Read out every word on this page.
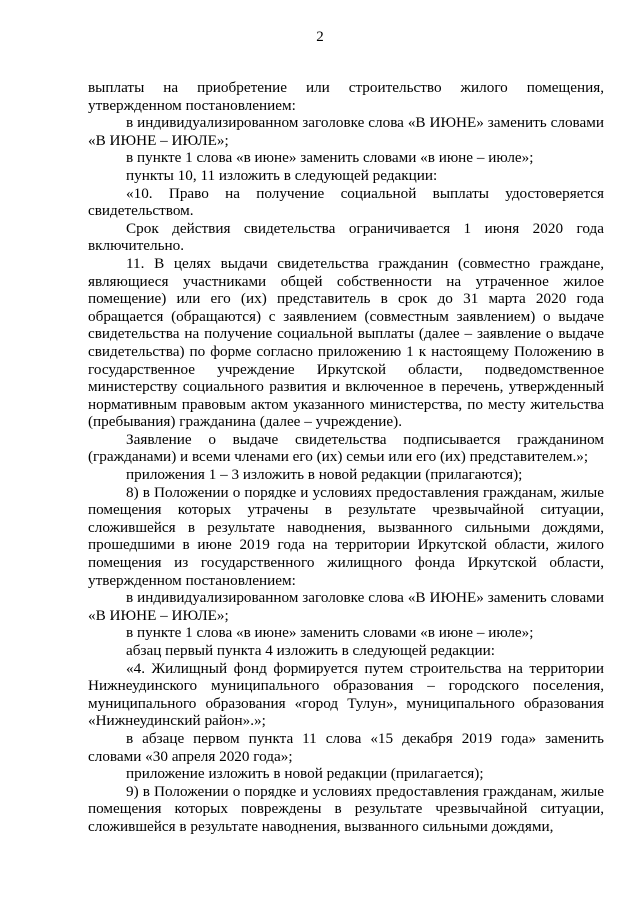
2

выплаты на приобретение или строительство жилого помещения, утвержденном постановлением:

в индивидуализированном заголовке слова «В ИЮНЕ» заменить словами «В ИЮНЕ – ИЮЛЕ»;

в пункте 1 слова «в июне» заменить словами «в июне – июле»;

пункты 10, 11 изложить в следующей редакции:

«10. Право на получение социальной выплаты удостоверяется свидетельством.

Срок действия свидетельства ограничивается 1 июня 2020 года включительно.

11. В целях выдачи свидетельства гражданин (совместно граждане, являющиеся участниками общей собственности на утраченное жилое помещение) или его (их) представитель в срок до 31 марта 2020 года обращается (обращаются) с заявлением (совместным заявлением) о выдаче свидетельства на получение социальной выплаты (далее – заявление о выдаче свидетельства) по форме согласно приложению 1 к настоящему Положению в государственное учреждение Иркутской области, подведомственное министерству социального развития и включенное в перечень, утвержденный нормативным правовым актом указанного министерства, по месту жительства (пребывания) гражданина (далее – учреждение).

Заявление о выдаче свидетельства подписывается гражданином (гражданами) и всеми членами его (их) семьи или его (их) представителем.»;

приложения 1 – 3 изложить в новой редакции (прилагаются);

8) в Положении о порядке и условиях предоставления гражданам, жилые помещения которых утрачены в результате чрезвычайной ситуации, сложившейся в результате наводнения, вызванного сильными дождями, прошедшими в июне 2019 года на территории Иркутской области, жилого помещения из государственного жилищного фонда Иркутской области, утвержденном постановлением:

в индивидуализированном заголовке слова «В ИЮНЕ» заменить словами «В ИЮНЕ – ИЮЛЕ»;

в пункте 1 слова «в июне» заменить словами «в июне – июле»;

абзац первый пункта 4 изложить в следующей редакции:

«4. Жилищный фонд формируется путем строительства на территории Нижнеудинского муниципального образования – городского поселения, муниципального образования «город Тулун», муниципального образования «Нижнеудинский район».»;

в абзаце первом пункта 11 слова «15 декабря 2019 года» заменить словами «30 апреля 2020 года»;

приложение изложить в новой редакции (прилагается);

9) в Положении о порядке и условиях предоставления гражданам, жилые помещения которых повреждены в результате чрезвычайной ситуации, сложившейся в результате наводнения, вызванного сильными дождями,
